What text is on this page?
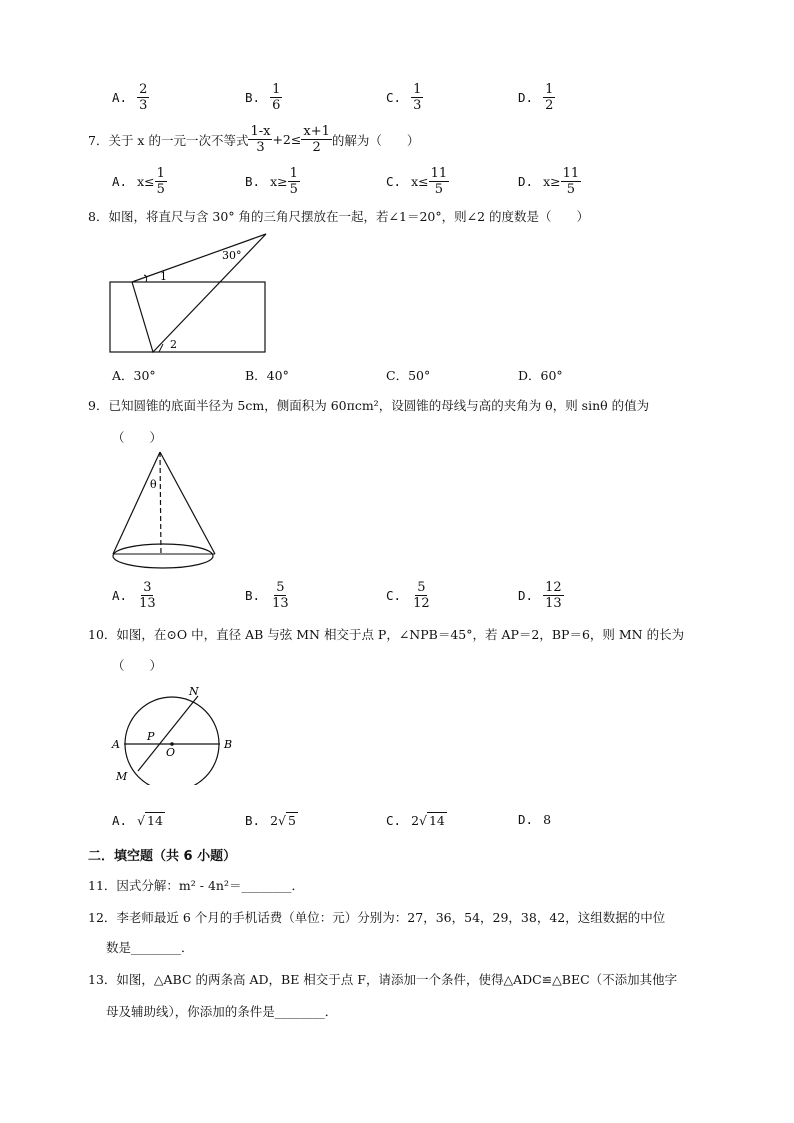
A. $\frac{2}{3}$	B. $\frac{1}{6}$	C. $\frac{1}{3}$	D. $\frac{1}{2}$
7．关于 x 的一元一次不等式 $\frac{1-x}{3} +2\le \frac{x+1}{2}$ 的解为（　　）
A. $x\le \frac{1}{5}$	B. $x\ge \frac{1}{5}$	C. $x\le \frac{11}{5}$	D. $x\ge \frac{11}{5}$
8．如图，将直尺与含 30° 角的三角尺摆放在一起，若∠1＝20°，则∠2 的度数是（　　）
30°
1
2
A．30°	B．40°	C．50°	D．60°
9．已知圆锥的底面半径为 5cm，侧面积为 60πcm²，设圆锥的母线与高的夹角为 θ，则 sinθ 的值为
（　　）
θ
A. $\frac{3}{13}$	B. $\frac{5}{13}$	C. $\frac{5}{12}$	D. $\frac{12}{13}$
10．如图，在⊙O 中，直径 AB 与弦 MN 相交于点 P，∠NPB＝45°，若 AP＝2，BP＝6，则 MN 的长为
（　　）
N
P
A
O
B
M
A. √ 14	B. 2 √ 5	C. 2 √ 14	D. 8
二．填空题（共 6 小题）
11．因式分解：m² - 4n²＝________．
12．李老师最近 6 个月的手机话费（单位：元）分别为：27，36，54，29，38，42，这组数据的中位
数是________．
13．如图，△ABC 的两条高 AD，BE 相交于点 F，请添加一个条件，使得△ADC≌△BEC（不添加其他字
母及辅助线），你添加的条件是________．
